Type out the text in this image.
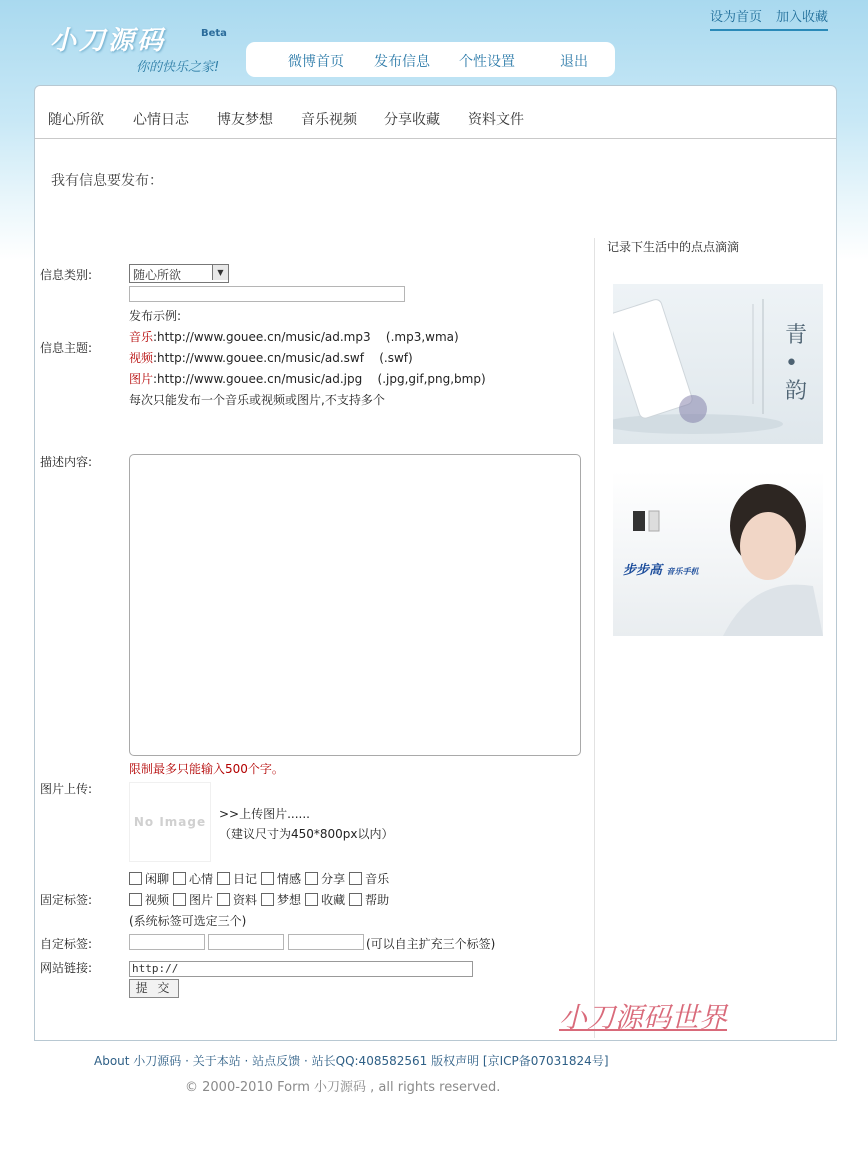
小刀源码	Beta
你的快乐之家!
设为首页 加入收藏
微博首页 发布信息 个性设置	退出
随心所欲 心情日志 博友梦想 音乐视频 分享收藏 资料文件
我有信息要发布：
记录下生活中的点点滴滴
信息类别:	随心所欲	▼
发布示例:
信息主题:
音乐:http://www.gouee.cn/music/ad.mp3 (.mp3,wma)
视频:http://www.gouee.cn/music/ad.swf (.swf)
图片:http://www.gouee.cn/music/ad.jpg (.jpg,gif,png,bmp)
每次只能发布一个音乐或视频或图片,不支持多个
描述内容:
限制最多只能输入500个字。
图片上传:
No Image
>>上传图片......
（建议尺寸为450*800px以内）
闲聊 心情 日记 情感 分享 音乐
固定标签:	视频 图片 资料 梦想 收藏 帮助
(系统标签可选定三个)
自定标签:	(可以自主扩充三个标签)
网站链接:	http://
提 交
青•韵
步步高 音乐手机
小刀源码世界
About 小刀源码 · 关于本站 · 站点反馈 · 站长QQ:408582561 版权声明 [京ICP备07031824号]
© 2000-2010 Form 小刀源码 , all rights reserved.
